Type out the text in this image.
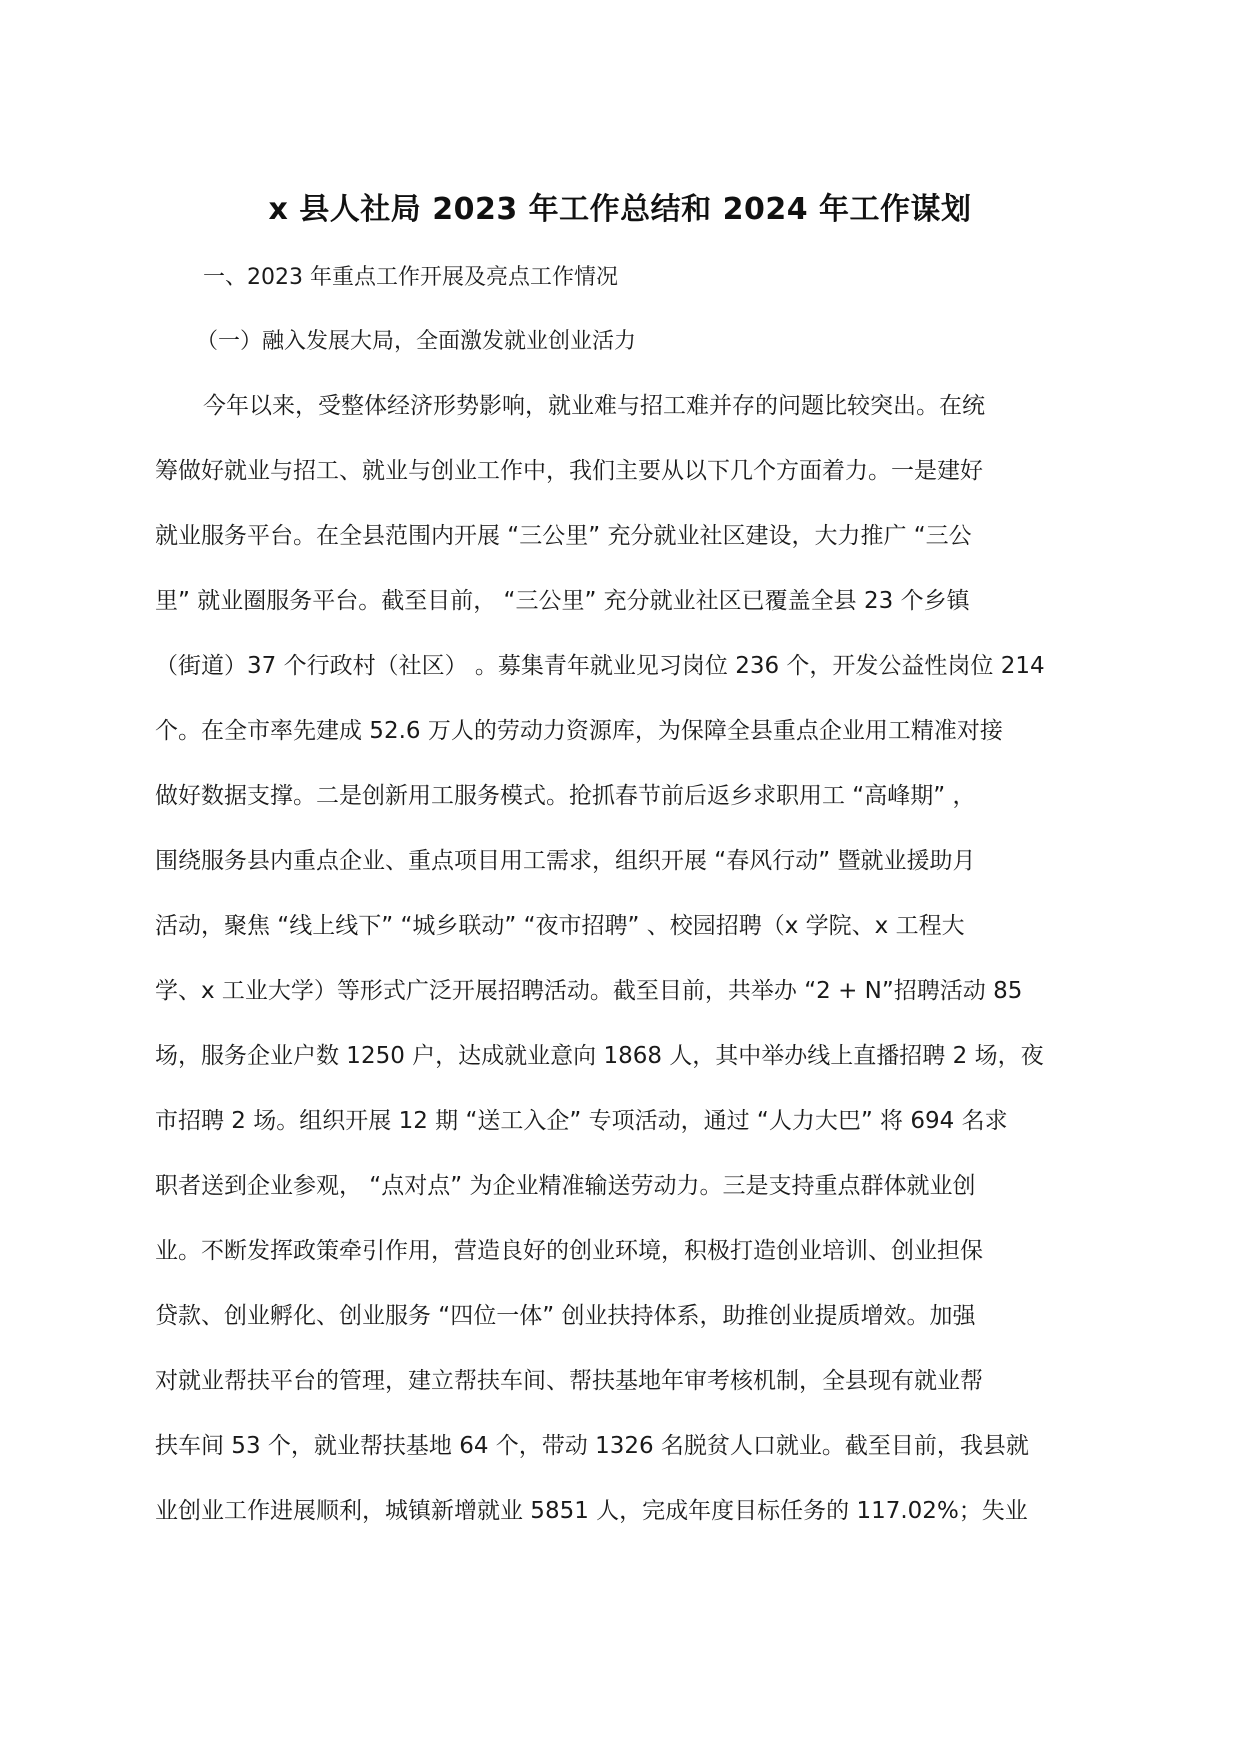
x 县人社局 2023 年工作总结和 2024 年工作谋划
一、2023 年重点工作开展及亮点工作情况
（一）融入发展大局，全面激发就业创业活力
今年以来，受整体经济形势影响，就业难与招工难并存的问题比较突出。在统
筹做好就业与招工、就业与创业工作中，我们主要从以下几个方面着力。一是建好
就业服务平台。在全县范围内开展 “三公里” 充分就业社区建设，大力推广 “三公
里” 就业圈服务平台。截至目前， “三公里” 充分就业社区已覆盖全县 23 个乡镇
（街道）37 个行政村（社区） 。募集青年就业见习岗位 236 个，开发公益性岗位 214
个。在全市率先建成 52.6 万人的劳动力资源库，为保障全县重点企业用工精准对接
做好数据支撑。二是创新用工服务模式。抢抓春节前后返乡求职用工 “高峰期” ，
围绕服务县内重点企业、重点项目用工需求，组织开展 “春风行动” 暨就业援助月
活动，聚焦 “线上线下” “城乡联动” “夜市招聘” 、校园招聘（x 学院、x 工程大
学、x 工业大学）等形式广泛开展招聘活动。截至目前，共举办 “2 + N”招聘活动 85
场，服务企业户数 1250 户，达成就业意向 1868 人，其中举办线上直播招聘 2 场，夜
市招聘 2 场。组织开展 12 期 “送工入企” 专项活动，通过 “人力大巴” 将 694 名求
职者送到企业参观， “点对点” 为企业精准输送劳动力。三是支持重点群体就业创
业。不断发挥政策牵引作用，营造良好的创业环境，积极打造创业培训、创业担保
贷款、创业孵化、创业服务 “四位一体” 创业扶持体系，助推创业提质增效。加强
对就业帮扶平台的管理，建立帮扶车间、帮扶基地年审考核机制，全县现有就业帮
扶车间 53 个，就业帮扶基地 64 个，带动 1326 名脱贫人口就业。截至目前，我县就
业创业工作进展顺利，城镇新增就业 5851 人，完成年度目标任务的 117.02%；失业
